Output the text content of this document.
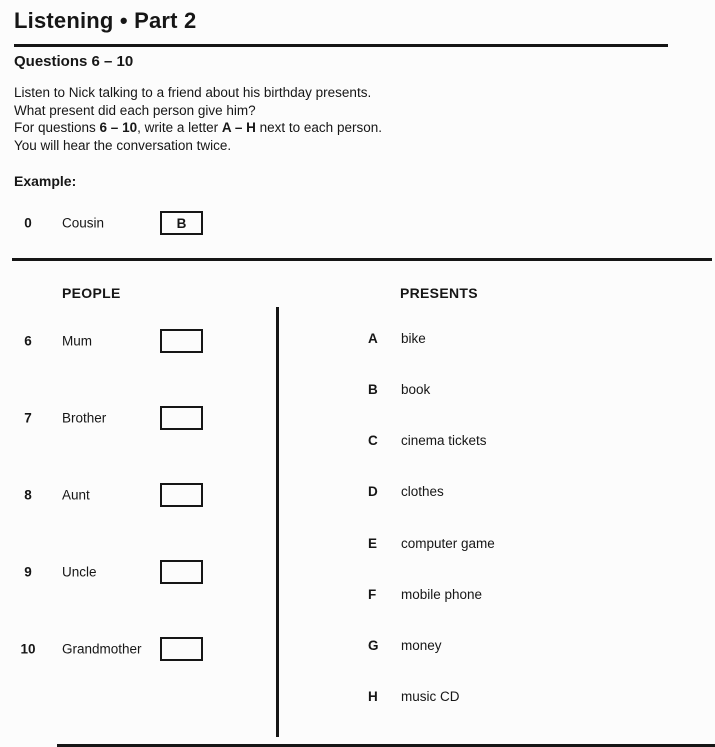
Listening • Part 2
Questions 6 – 10

Listen to Nick talking to a friend about his birthday presents.

What present did each person give him?

For questions 6 – 10, write a letter A – H next to each person.

You will hear the conversation twice.

Example:
0	Cousin	B
PEOPLE	PRESENTS
6	Mum
7	Brother
8	Aunt
9	Uncle
10	Grandmother
A bike
B book
C cinema tickets
D clothes
E computer game
F mobile phone
G money
H music CD
